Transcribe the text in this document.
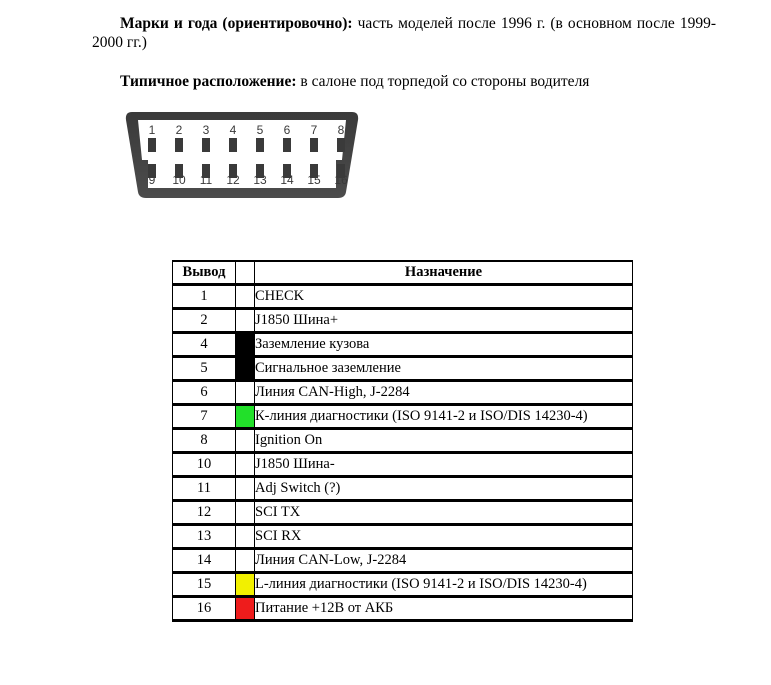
Марки и года (ориентировочно): часть моделей после 1996 г. (в основном после 1999-2000 гг.)
Типичное расположение: в салоне под торпедой со стороны водителя
1 2 3 4 5 6 7 8
9 10 11 12 13 14 15 16
Вывод		Назначение
1		CHECK
2		J1850 Шина+
4		Заземление кузова
5		Сигнальное заземление
6		Линия CAN-High, J-2284
7		К-линия диагностики (ISO 9141-2 и ISO/DIS 14230-4)
8		Ignition On
10		J1850 Шина-
11		Adj Switch (?)
12		SCI TX
13		SCI RX
14		Линия CAN-Low, J-2284
15		L-линия диагностики (ISO 9141-2 и ISO/DIS 14230-4)
16		Питание +12В от АКБ
